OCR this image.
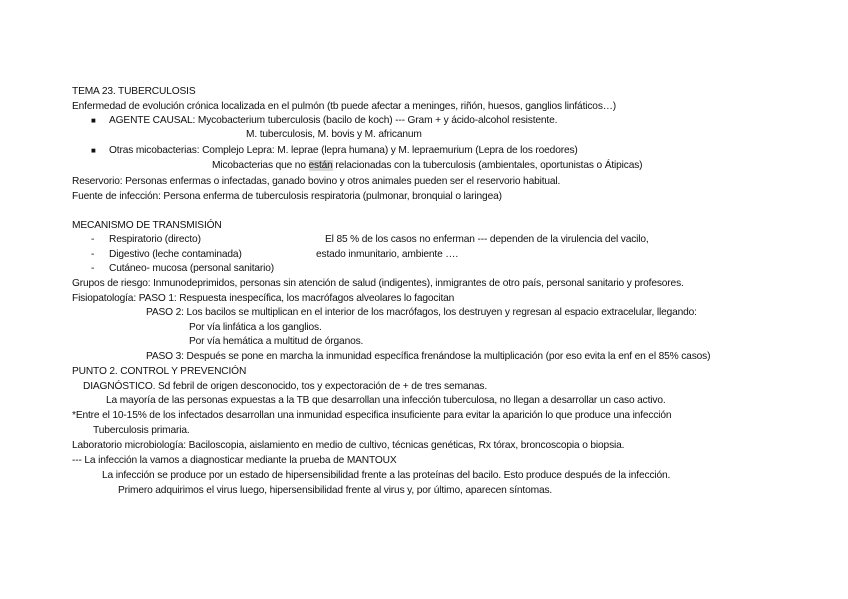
TEMA 23. TUBERCULOSIS
Enfermedad de evolución crónica localizada en el pulmón (tb puede afectar a meninges, riñón, huesos, ganglios linfáticos…)
■ AGENTE CAUSAL: Mycobacterium tuberculosis (bacilo de koch) --- Gram + y ácido-alcohol resistente.
M. tuberculosis, M. bovis y M. africanum
■ Otras micobacterias: Complejo Lepra: M. leprae (lepra humana) y M. lepraemurium (Lepra de los roedores)
Micobacterias que no están relacionadas con la tuberculosis (ambientales, oportunistas o Átipicas)
Reservorio: Personas enfermas o infectadas, ganado bovino y otros animales pueden ser el reservorio habitual.
Fuente de infección: Persona enferma de tuberculosis respiratoria (pulmonar, bronquial o laringea)
MECANISMO DE TRANSMISIÓN
- Respiratorio (directo)	El 85 % de los casos no enferman --- dependen de la virulencia del vacilo,
- Digestivo (leche contaminada)	estado inmunitario, ambiente ….
- Cutáneo- mucosa (personal sanitario)
Grupos de riesgo: Inmunodeprimidos, personas sin atención de salud (indigentes), inmigrantes de otro país, personal sanitario y profesores.
Fisiopatología: PASO 1: Respuesta inespecífica, los macrófagos alveolares lo fagocitan
PASO 2: Los bacilos se multiplican en el interior de los macrófagos, los destruyen y regresan al espacio extracelular, llegando:
Por vía linfática a los ganglios.
Por vía hemática a multitud de órganos.
PASO 3: Después se pone en marcha la inmunidad específica frenándose la multiplicación (por eso evita la enf en el 85% casos)
PUNTO 2. CONTROL Y PREVENCIÓN
DIAGNÓSTICO. Sd febril de origen desconocido, tos y expectoración de + de tres semanas.
La mayoría de las personas expuestas a la TB que desarrollan una infección tuberculosa, no llegan a desarrollar un caso activo.
*Entre el 10-15% de los infectados desarrollan una inmunidad especifica insuficiente para evitar la aparición lo que produce una infección
Tuberculosis primaria.
Laboratorio microbiología: Baciloscopia, aislamiento en medio de cultivo, técnicas genéticas, Rx tórax, broncoscopia o biopsia.
--- La infección la vamos a diagnosticar mediante la prueba de MANTOUX
La infección se produce por un estado de hipersensibilidad frente a las proteínas del bacilo. Esto produce después de la infección.
Primero adquirimos el virus luego, hipersensibilidad frente al virus y, por último, aparecen síntomas.
